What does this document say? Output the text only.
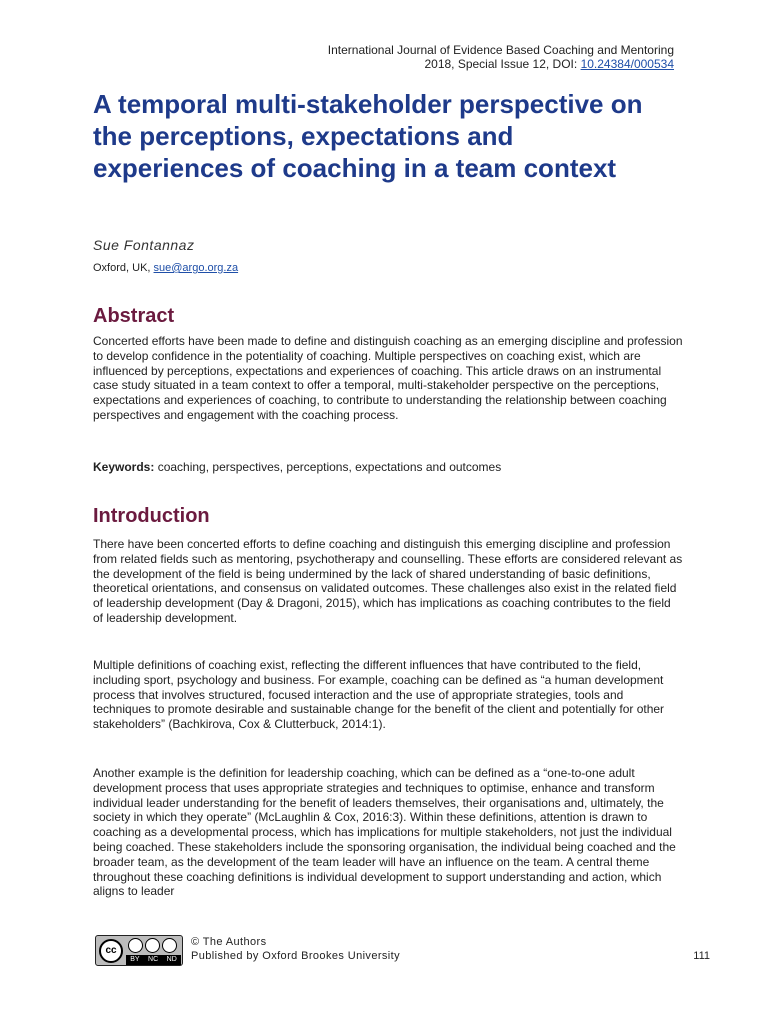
International Journal of Evidence Based Coaching and Mentoring
2018, Special Issue 12, DOI: 10.24384/000534
A temporal multi-stakeholder perspective on the perceptions, expectations and experiences of coaching in a team context
Sue Fontannaz
Oxford, UK, sue@argo.org.za
Abstract

Concerted efforts have been made to define and distinguish coaching as an emerging discipline and profession to develop confidence in the potentiality of coaching. Multiple perspectives on coaching exist, which are influenced by perceptions, expectations and experiences of coaching. This article draws on an instrumental case study situated in a team context to offer a temporal, multi-stakeholder perspective on the perceptions, expectations and experiences of coaching, to contribute to understanding the relationship between coaching perspectives and engagement with the coaching process.

Keywords: coaching, perspectives, perceptions, expectations and outcomes
Introduction

There have been concerted efforts to define coaching and distinguish this emerging discipline and profession from related fields such as mentoring, psychotherapy and counselling. These efforts are considered relevant as the development of the field is being undermined by the lack of shared understanding of basic definitions, theoretical orientations, and consensus on validated outcomes. These challenges also exist in the related field of leadership development (Day & Dragoni, 2015), which has implications as coaching contributes to the field of leadership development.

Multiple definitions of coaching exist, reflecting the different influences that have contributed to the field, including sport, psychology and business. For example, coaching can be defined as “a human development process that involves structured, focused interaction and the use of appropriate strategies, tools and techniques to promote desirable and sustainable change for the benefit of the client and potentially for other stakeholders” (Bachkirova, Cox & Clutterbuck, 2014:1).

Another example is the definition for leadership coaching, which can be defined as a “one-to-one adult development process that uses appropriate strategies and techniques to optimise, enhance and transform individual leader understanding for the benefit of leaders themselves, their organisations and, ultimately, the society in which they operate” (McLaughlin & Cox, 2016:3). Within these definitions, attention is drawn to coaching as a developmental process, which has implications for multiple stakeholders, not just the individual being coached. These stakeholders include the sponsoring organisation, the individual being coached and the broader team, as the development of the team leader will have an influence on the team. A central theme throughout these coaching definitions is individual development to support understanding and action, which aligns to leader

cc
BY NC ND
© The Authors
Published by Oxford Brookes University	111
